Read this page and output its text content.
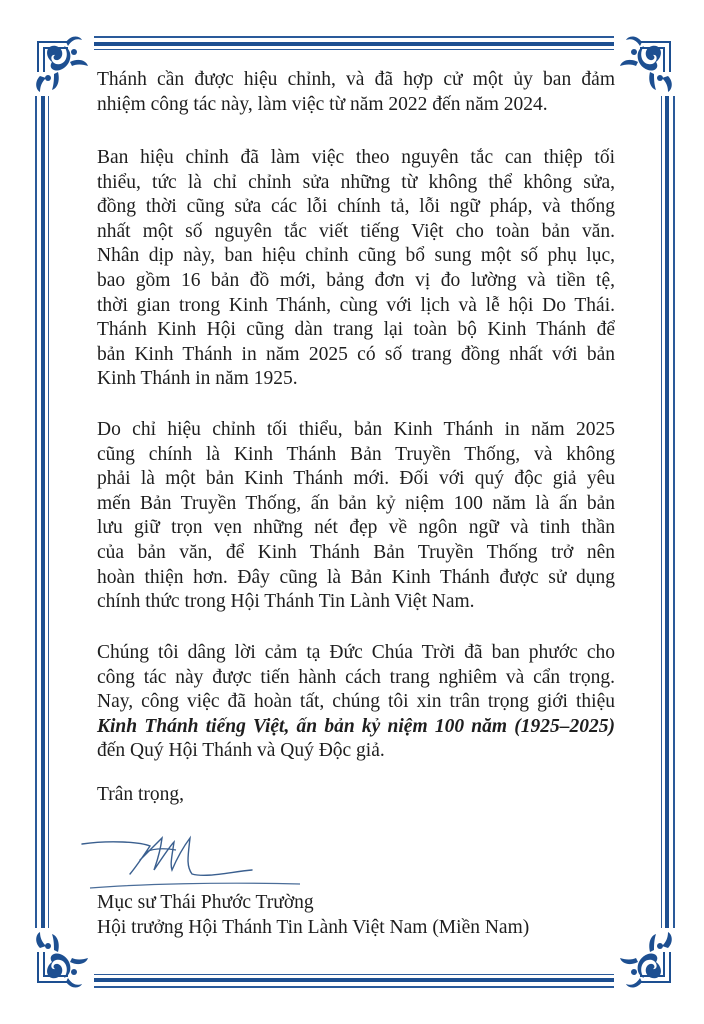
Thánh cần được hiệu chỉnh, và đã hợp cử một ủy ban đảm
nhiệm công tác này, làm việc từ năm 2022 đến năm 2024.
Ban hiệu chỉnh đã làm việc theo nguyên tắc can thiệp tối
thiểu, tức là chỉ chỉnh sửa những từ không thể không sửa,
đồng thời cũng sửa các lỗi chính tả, lỗi ngữ pháp, và thống
nhất một số nguyên tắc viết tiếng Việt cho toàn bản văn.
Nhân dịp này, ban hiệu chỉnh cũng bổ sung một số phụ lục,
bao gồm 16 bản đồ mới, bảng đơn vị đo lường và tiền tệ,
thời gian trong Kinh Thánh, cùng với lịch và lễ hội Do Thái.
Thánh Kinh Hội cũng dàn trang lại toàn bộ Kinh Thánh để
bản Kinh Thánh in năm 2025 có số trang đồng nhất với bản
Kinh Thánh in năm 1925.
Do chỉ hiệu chỉnh tối thiểu, bản Kinh Thánh in năm 2025
cũng chính là Kinh Thánh Bản Truyền Thống, và không
phải là một bản Kinh Thánh mới. Đối với quý độc giả yêu
mến Bản Truyền Thống, ấn bản kỷ niệm 100 năm là ấn bản
lưu giữ trọn vẹn những nét đẹp về ngôn ngữ và tinh thần
của bản văn, để Kinh Thánh Bản Truyền Thống trở nên
hoàn thiện hơn. Đây cũng là Bản Kinh Thánh được sử dụng
chính thức trong Hội Thánh Tin Lành Việt Nam.
Chúng tôi dâng lời cảm tạ Đức Chúa Trời đã ban phước cho
công tác này được tiến hành cách trang nghiêm và cẩn trọng.
Nay, công việc đã hoàn tất, chúng tôi xin trân trọng giới thiệu
Kinh Thánh tiếng Việt, ấn bản kỷ niệm 100 năm (1925–2025)
đến Quý Hội Thánh và Quý Độc giả.
Trân trọng,
Mục sư Thái Phước Trường
Hội trưởng Hội Thánh Tin Lành Việt Nam (Miền Nam)
